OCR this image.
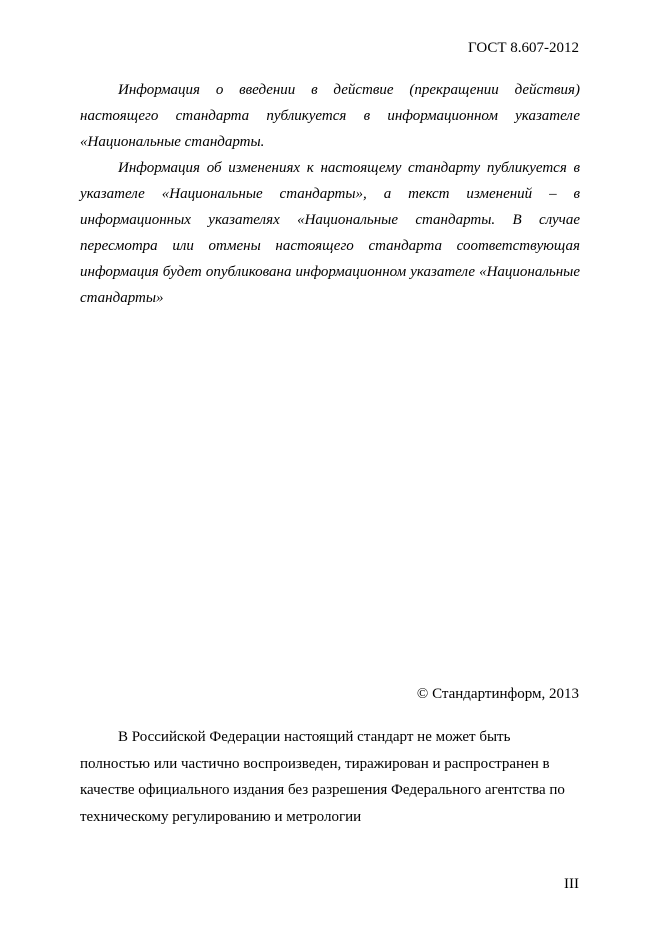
ГОСТ 8.607-2012

Информация о введении в действие (прекращении действия) настоящего стандарта публикуется в информационном указателе «Национальные стандарты.

Информация об изменениях к настоящему стандарту публикуется в указателе «Национальные стандарты», а текст изменений – в информационных указателях «Национальные стандарты. В случае пересмотра или отмены настоящего стандарта соответствующая информация будет опубликована информационном указателе «Национальные стандарты»

© Стандартинформ, 2013

В Российской Федерации настоящий стандарт не может быть полностью или частично воспроизведен, тиражирован и распространен в качестве официального издания без разрешения Федерального агентства по техническому регулированию и метрологии

III
